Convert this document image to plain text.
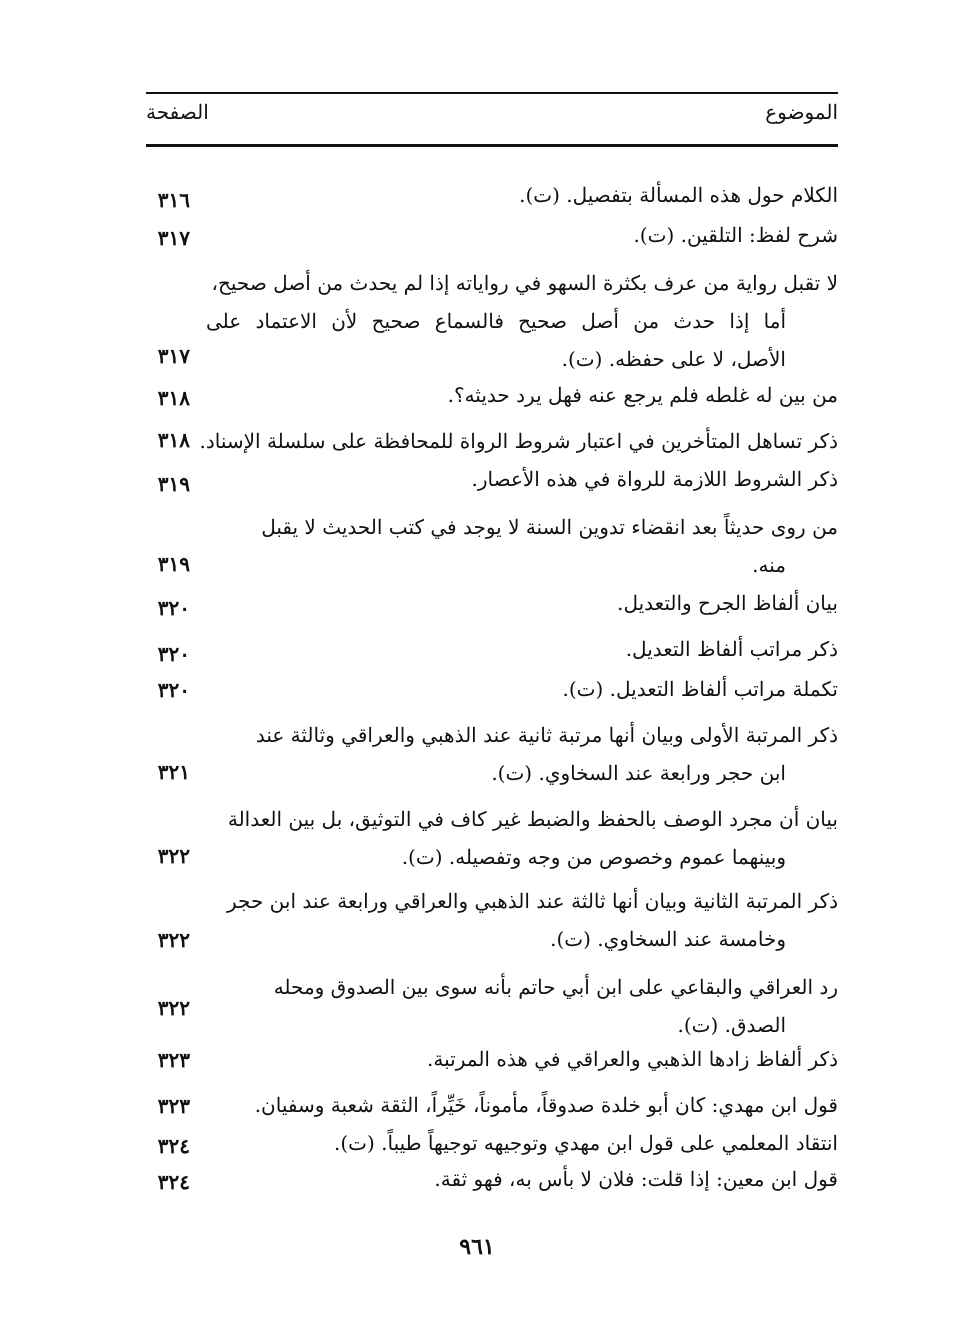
الموضوع
الصفحة
الكلام حول هذه المسألة بتفصيل. (ت).
٣١٦
شرح لفظ: التلقين. (ت).
٣١٧
لا تقبل رواية من عرف بكثرة السهو في رواياته إذا لم يحدث من أصل صحيح،
أما إذا حدث من أصل صحيح فالسماع صحيح لأن الاعتماد على
الأصل، لا على حفظه. (ت).
٣١٧
من بين له غلطه فلم يرجع عنه فهل يرد حديثه؟.
٣١٨
ذكر تساهل المتأخرين في اعتبار شروط الرواة للمحافظة على سلسلة الإسناد.
٣١٨
ذكر الشروط اللازمة للرواة في هذه الأعصار.
٣١٩
من روى حديثاً بعد انقضاء تدوين السنة لا يوجد في كتب الحديث لا يقبل
منه.
٣١٩
بيان ألفاظ الجرح والتعديل.
٣٢٠
ذكر مراتب ألفاظ التعديل.
٣٢٠
تكملة مراتب ألفاظ التعديل. (ت).
٣٢٠
ذكر المرتبة الأولى وبيان أنها مرتبة ثانية عند الذهبي والعراقي وثالثة عند
ابن حجر ورابعة عند السخاوي. (ت).
٣٢١
بيان أن مجرد الوصف بالحفظ والضبط غير كاف في التوثيق، بل بين العدالة
وبينهما عموم وخصوص من وجه وتفصيله. (ت).
٣٢٢
ذكر المرتبة الثانية وبيان أنها ثالثة عند الذهبي والعراقي ورابعة عند ابن حجر
وخامسة عند السخاوي. (ت).
٣٢٢
رد العراقي والبقاعي على ابن أبي حاتم بأنه سوى بين الصدوق ومحله
الصدق. (ت).
٣٢٢
ذكر ألفاظ زادها الذهبي والعراقي في هذه المرتبة.
٣٢٣
قول ابن مهدي: كان أبو خلدة صدوقاً، مأموناً، خَيِّراً، الثقة شعبة وسفيان.
٣٢٣
انتقاد المعلمي على قول ابن مهدي وتوجيهه توجيهاً طيباً. (ت).
٣٢٤
قول ابن معين: إذا قلت: فلان لا بأس به، فهو ثقة.
٣٢٤
٩٦١
